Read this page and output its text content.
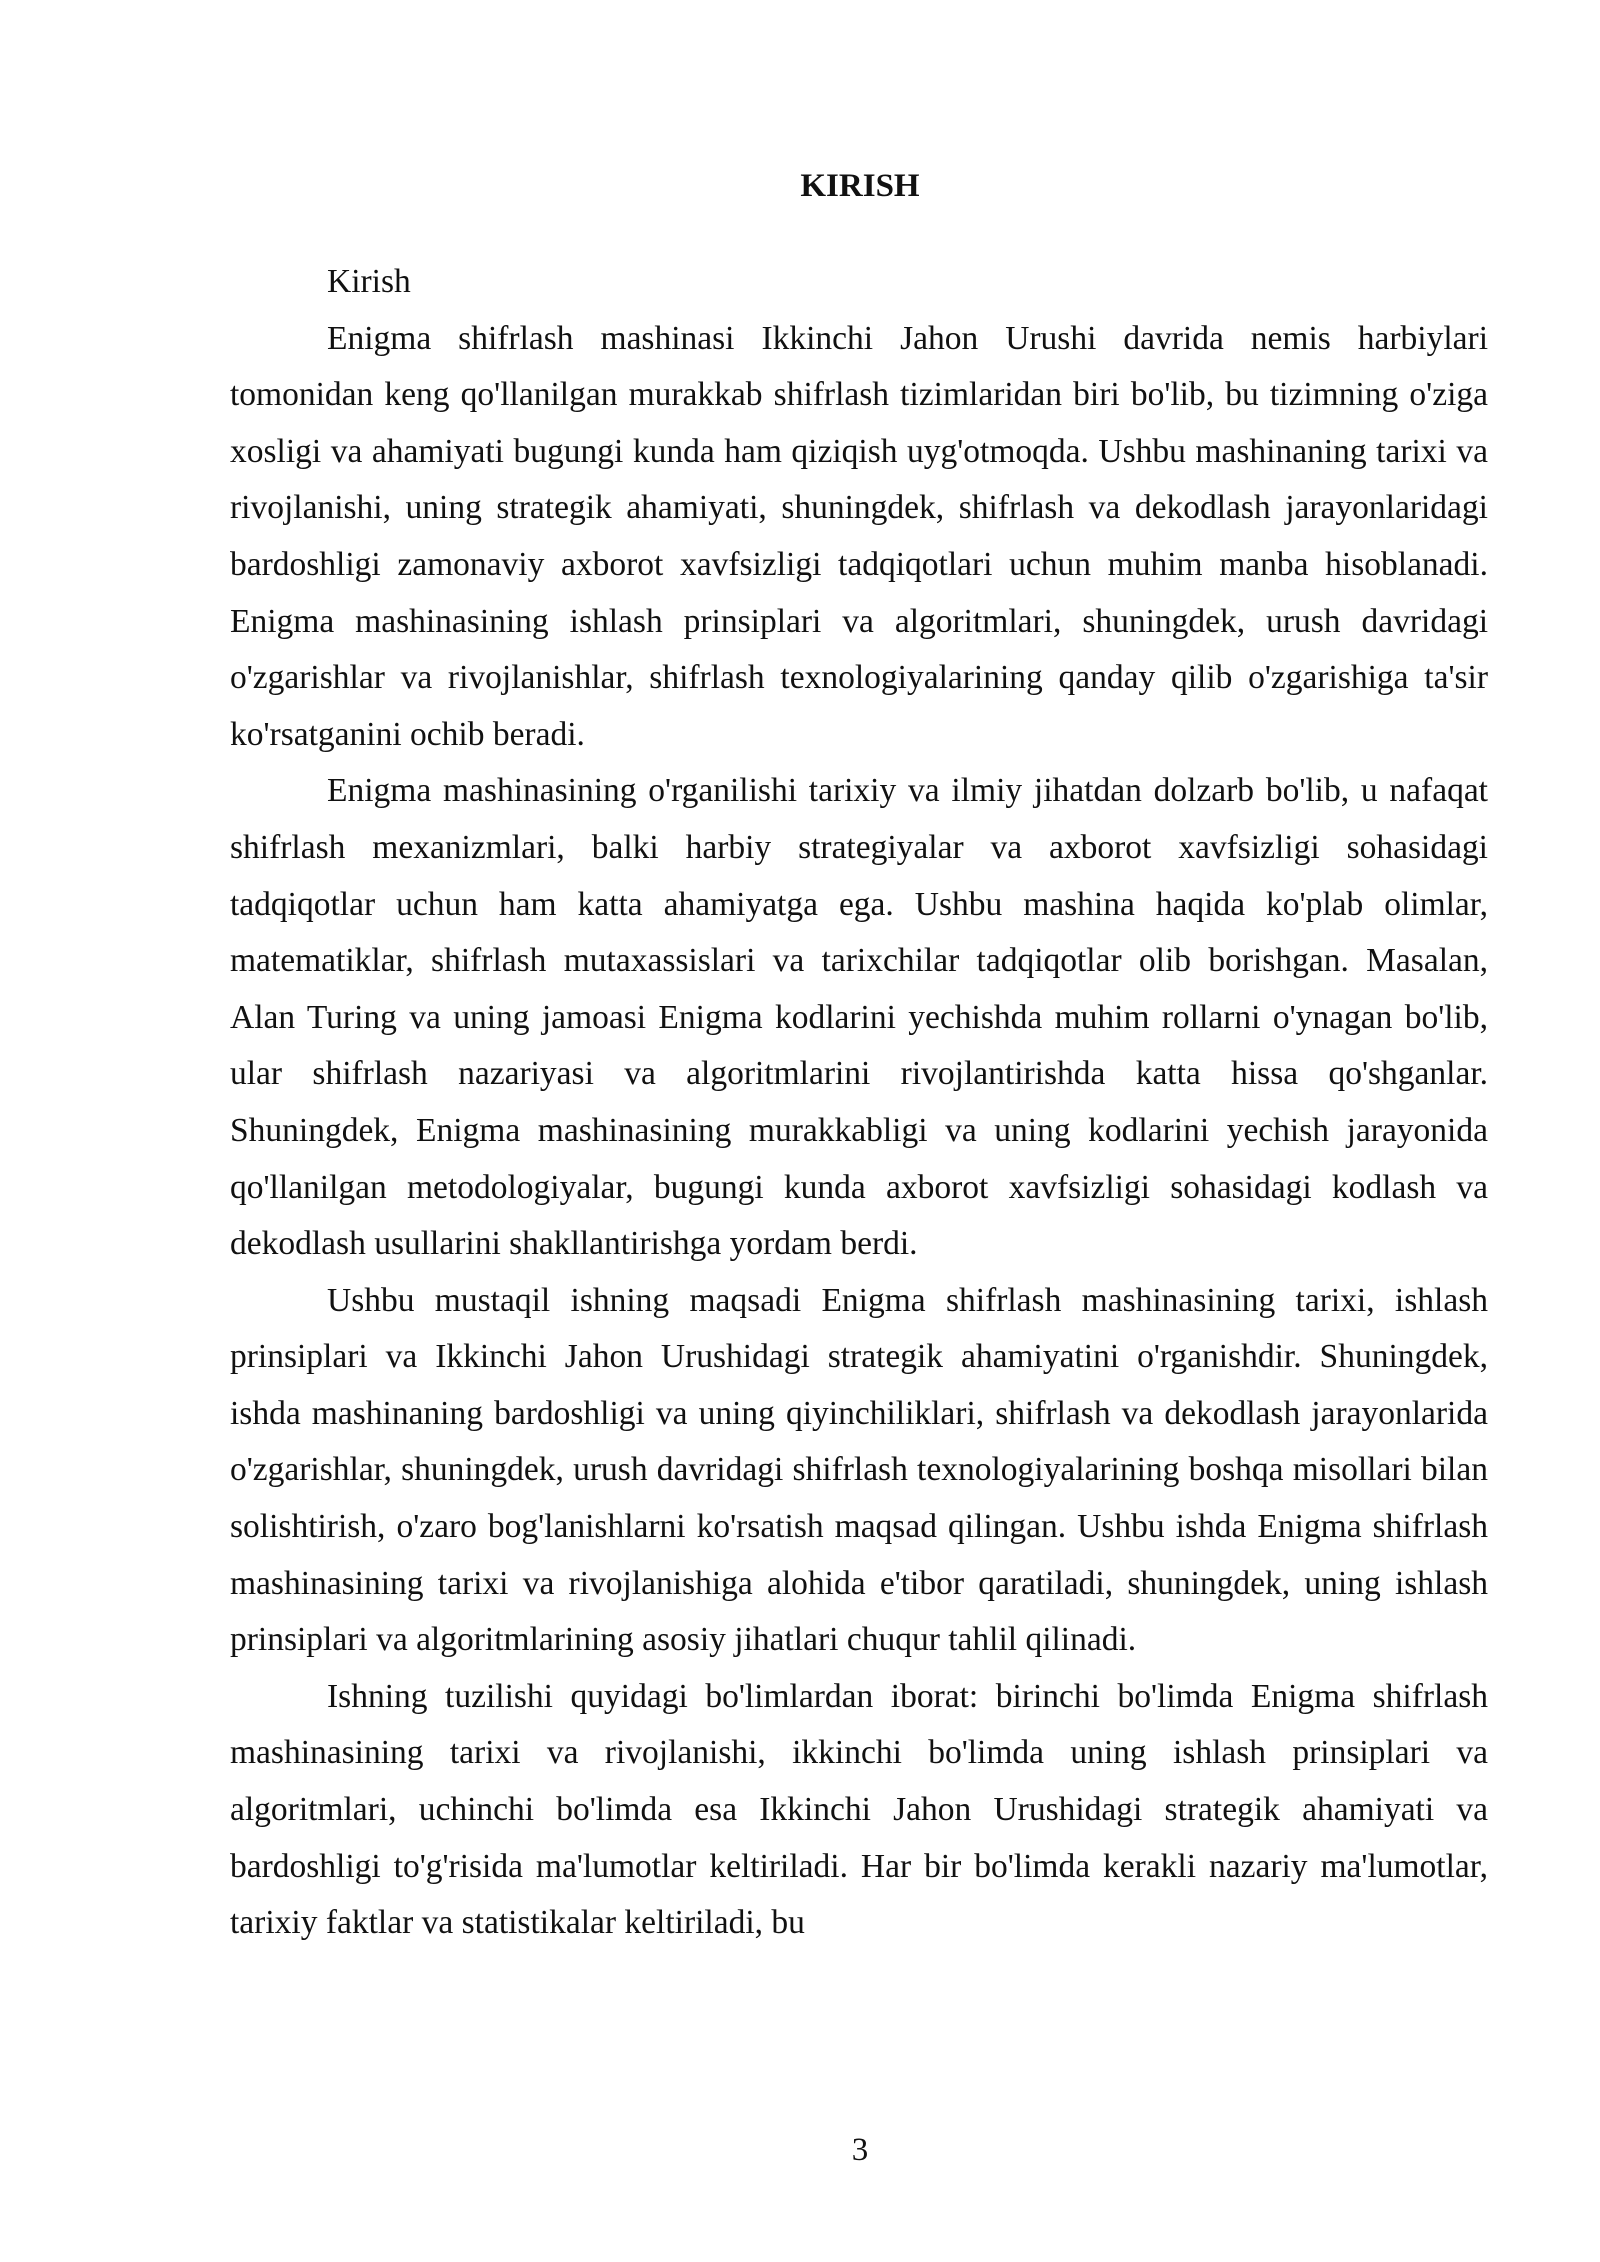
KIRISH

Kirish

Enigma shifrlash mashinasi Ikkinchi Jahon Urushi davrida nemis harbiylari tomonidan keng qo'llanilgan murakkab shifrlash tizimlaridan biri bo'lib, bu tizimning o'ziga xosligi va ahamiyati bugungi kunda ham qiziqish uyg'otmoqda. Ushbu mashinaning tarixi va rivojlanishi, uning strategik ahamiyati, shuningdek, shifrlash va dekodlash jarayonlaridagi bardoshligi zamonaviy axborot xavfsizligi tadqiqotlari uchun muhim manba hisoblanadi. Enigma mashinasining ishlash prinsiplari va algoritmlari, shuningdek, urush davridagi o'zgarishlar va rivojlanishlar, shifrlash texnologiyalarining qanday qilib o'zgarishiga ta'sir ko'rsatganini ochib beradi.

Enigma mashinasining o'rganilishi tarixiy va ilmiy jihatdan dolzarb bo'lib, u nafaqat shifrlash mexanizmlari, balki harbiy strategiyalar va axborot xavfsizligi sohasidagi tadqiqotlar uchun ham katta ahamiyatga ega. Ushbu mashina haqida ko'plab olimlar, matematiklar, shifrlash mutaxassislari va tarixchilar tadqiqotlar olib borishgan. Masalan, Alan Turing va uning jamoasi Enigma kodlarini yechishda muhim rollarni o'ynagan bo'lib, ular shifrlash nazariyasi va algoritmlarini rivojlantirishda katta hissa qo'shganlar. Shuningdek, Enigma mashinasining murakkabligi va uning kodlarini yechish jarayonida qo'llanilgan metodologiyalar, bugungi kunda axborot xavfsizligi sohasidagi kodlash va dekodlash usullarini shakllantirishga yordam berdi.

Ushbu mustaqil ishning maqsadi Enigma shifrlash mashinasining tarixi, ishlash prinsiplari va Ikkinchi Jahon Urushidagi strategik ahamiyatini o'rganishdir. Shuningdek, ishda mashinaning bardoshligi va uning qiyinchiliklari, shifrlash va dekodlash jarayonlarida o'zgarishlar, shuningdek, urush davridagi shifrlash texnologiyalarining boshqa misollari bilan solishtirish, o'zaro bog'lanishlarni ko'rsatish maqsad qilingan. Ushbu ishda Enigma shifrlash mashinasining tarixi va rivojlanishiga alohida e'tibor qaratiladi, shuningdek, uning ishlash prinsiplari va algoritmlarining asosiy jihatlari chuqur tahlil qilinadi.

Ishning tuzilishi quyidagi bo'limlardan iborat: birinchi bo'limda Enigma shifrlash mashinasining tarixi va rivojlanishi, ikkinchi bo'limda uning ishlash prinsiplari va algoritmlari, uchinchi bo'limda esa Ikkinchi Jahon Urushidagi strategik ahamiyati va bardoshligi to'g'risida ma'lumotlar keltiriladi. Har bir bo'limda kerakli nazariy ma'lumotlar, tarixiy faktlar va statistikalar keltiriladi, bu

3
